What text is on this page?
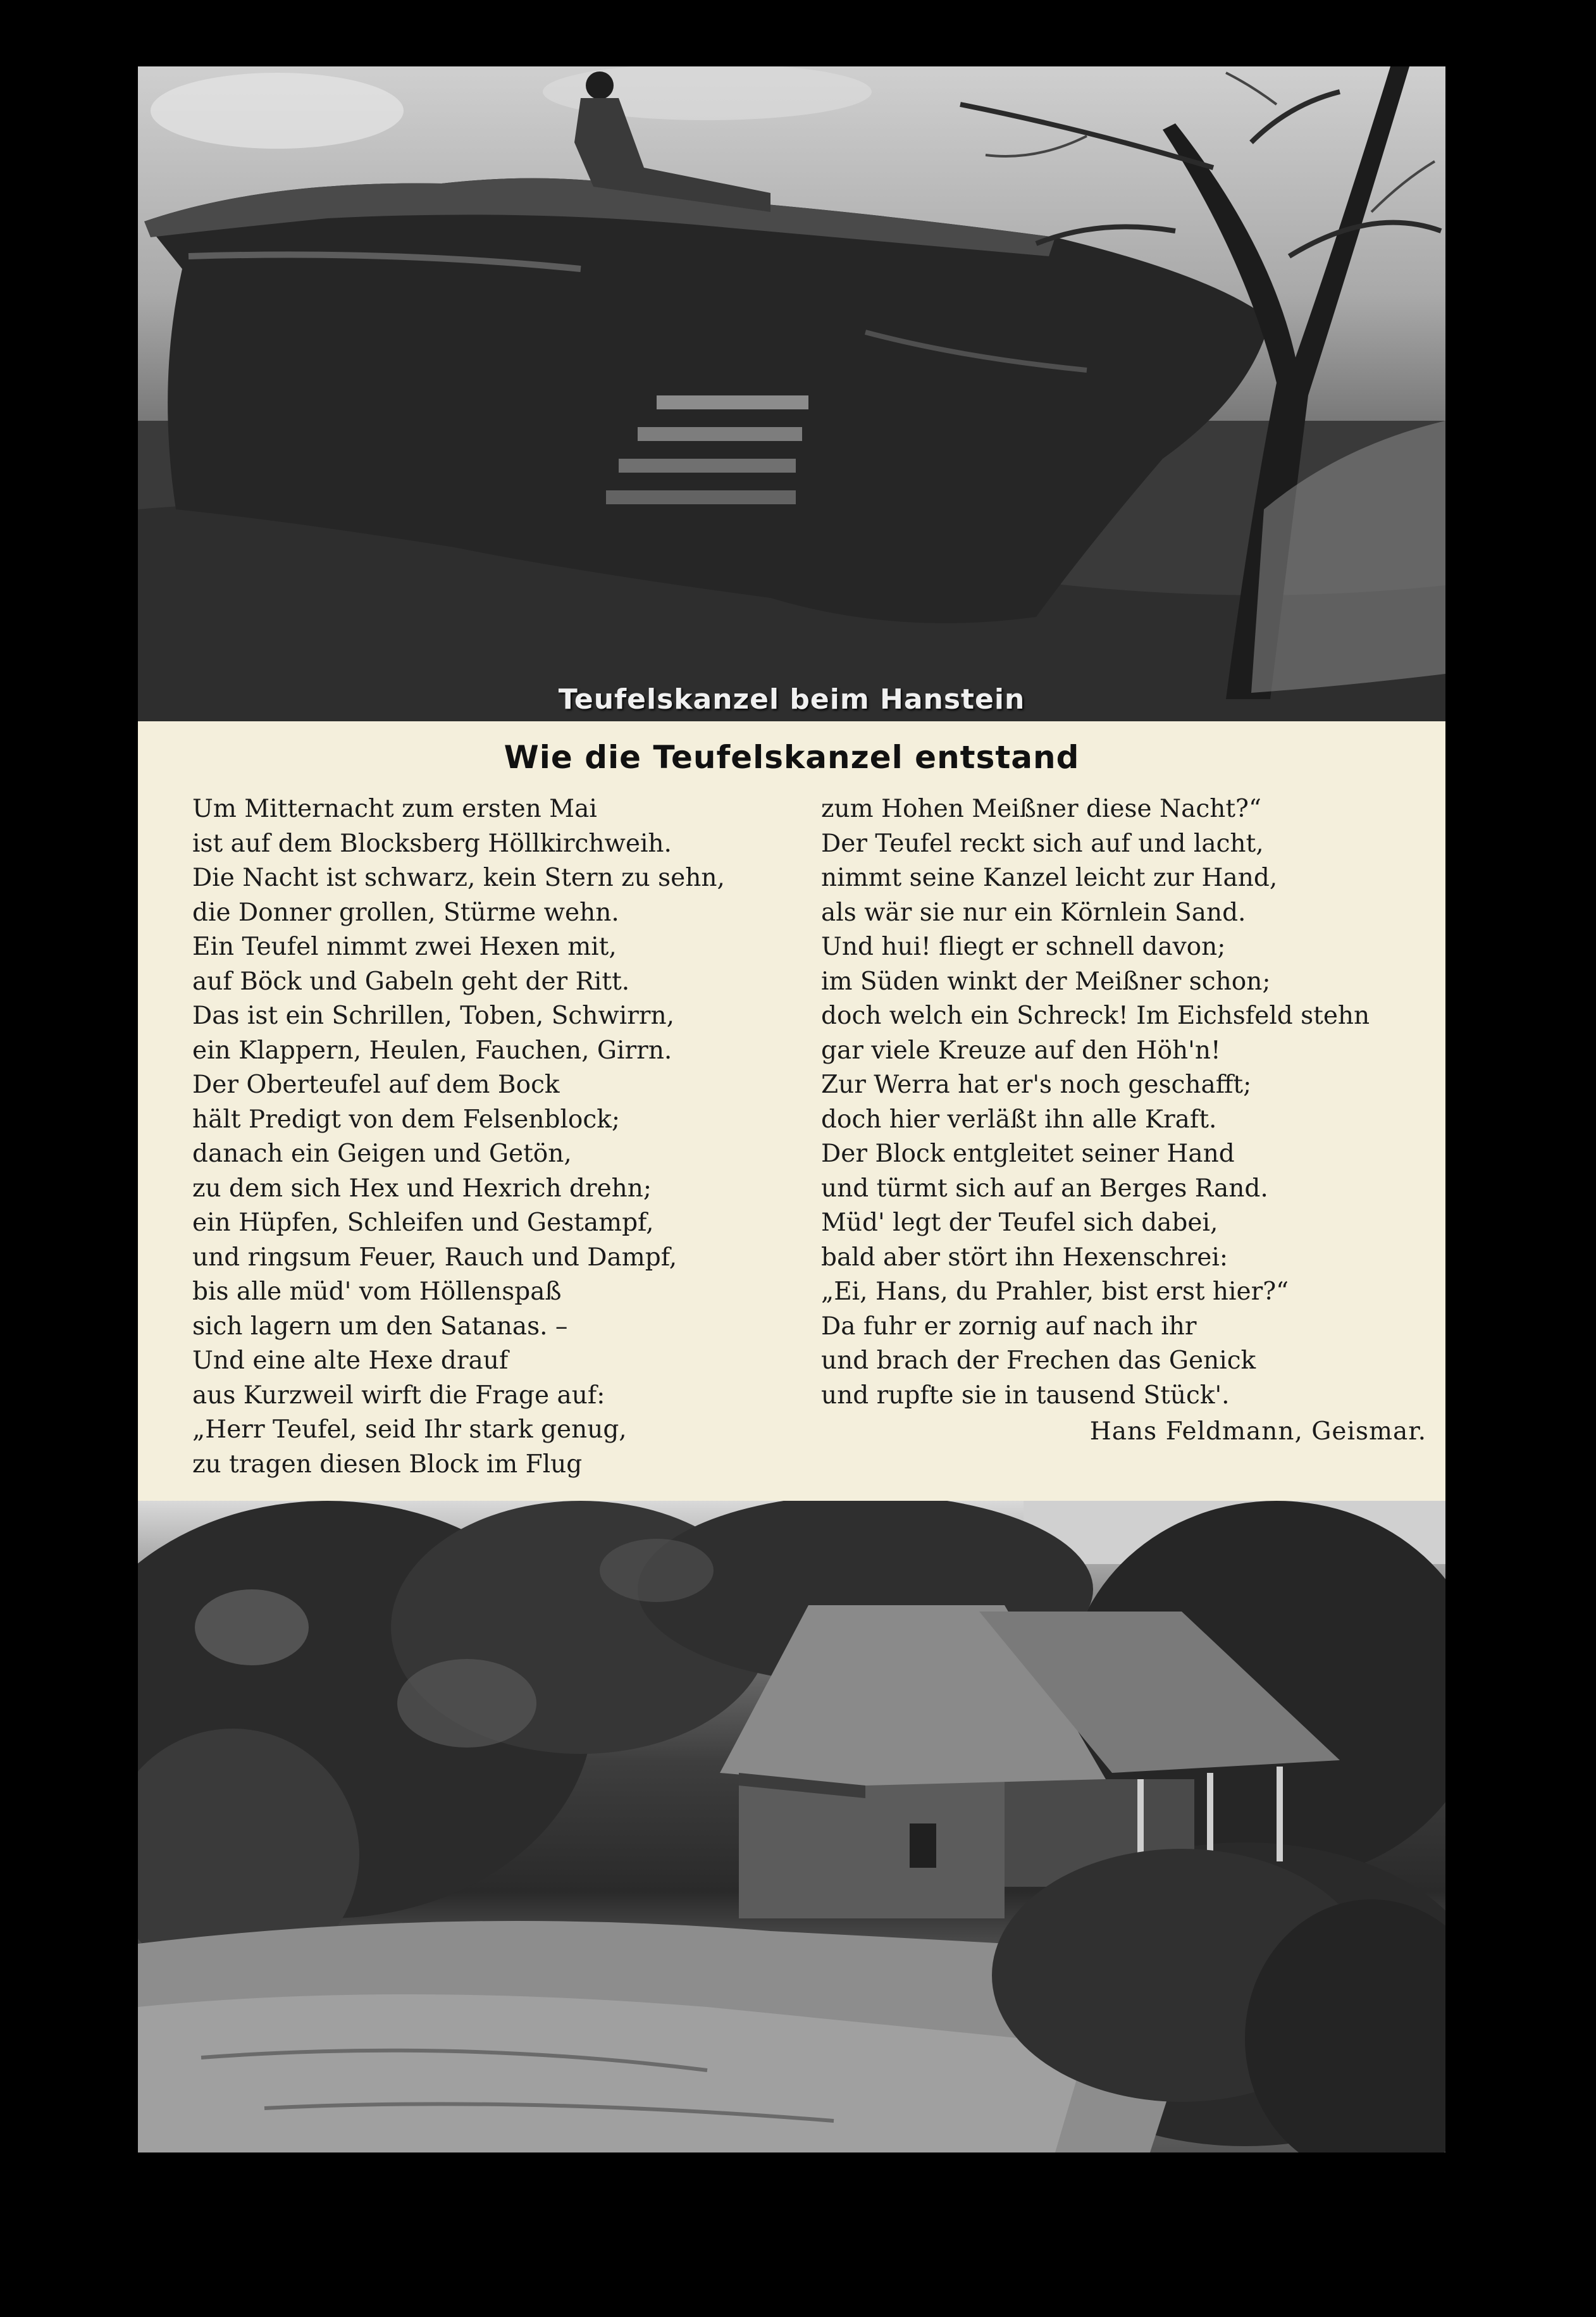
Teufelskanzel beim Hanstein
Wie die Teufelskanzel entstand
Um Mitternacht zum ersten Mai
ist auf dem Blocksberg Höllkirchweih.
Die Nacht ist schwarz, kein Stern zu sehn,
die Donner grollen, Stürme wehn.
Ein Teufel nimmt zwei Hexen mit,
auf Böck und Gabeln geht der Ritt.
Das ist ein Schrillen, Toben, Schwirrn,
ein Klappern, Heulen, Fauchen, Girrn.
Der Oberteufel auf dem Bock
hält Predigt von dem Felsenblock;
danach ein Geigen und Getön,
zu dem sich Hex und Hexrich drehn;
ein Hüpfen, Schleifen und Gestampf,
und ringsum Feuer, Rauch und Dampf,
bis alle müd' vom Höllenspaß
sich lagern um den Satanas. –
Und eine alte Hexe drauf
aus Kurzweil wirft die Frage auf:
„Herr Teufel, seid Ihr stark genug,
zu tragen diesen Block im Flug
zum Hohen Meißner diese Nacht?“
Der Teufel reckt sich auf und lacht,
nimmt seine Kanzel leicht zur Hand,
als wär sie nur ein Körnlein Sand.
Und hui! fliegt er schnell davon;
im Süden winkt der Meißner schon;
doch welch ein Schreck! Im Eichsfeld stehn
gar viele Kreuze auf den Höh'n!
Zur Werra hat er's noch geschafft;
doch hier verläßt ihn alle Kraft.
Der Block entgleitet seiner Hand
und türmt sich auf an Berges Rand.
Müd' legt der Teufel sich dabei,
bald aber stört ihn Hexenschrei:
„Ei, Hans, du Prahler, bist erst hier?“
Da fuhr er zornig auf nach ihr
und brach der Frechen das Genick
und rupfte sie in tausend Stück'.
Hans Feldmann, Geismar.
